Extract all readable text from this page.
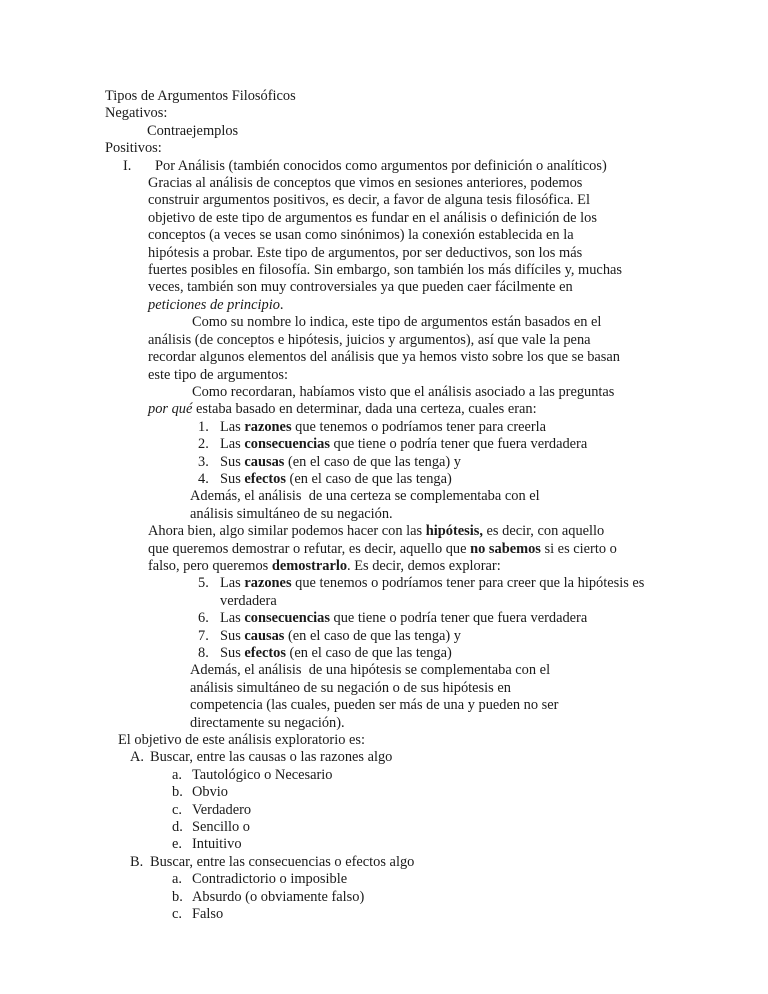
Tipos de Argumentos Filosóficos
Negativos:
Contraejemplos
Positivos:
I.	Por Análisis (también conocidos como argumentos por definición o analíticos)

Gracias al análisis de conceptos que vimos en sesiones anteriores, podemos construir argumentos positivos, es decir, a favor de alguna tesis filosófica. El objetivo de este tipo de argumentos es fundar en el análisis o definición de los conceptos (a veces se usan como sinónimos) la conexión establecida en la hipótesis a probar. Este tipo de argumentos, por ser deductivos, son los más fuertes posibles en filosofía. Sin embargo, son también los más difíciles y, muchas veces, también son muy controversiales ya que pueden caer fácilmente en peticiones de principio.

Como su nombre lo indica, este tipo de argumentos están basados en el análisis (de conceptos e hipótesis, juicios y argumentos), así que vale la pena recordar algunos elementos del análisis que ya hemos visto sobre los que se basan este tipo de argumentos:

Como recordaran, habíamos visto que el análisis asociado a las preguntas por qué estaba basado en determinar, dada una certeza, cuales eran:

1. Las razones que tenemos o podríamos tener para creerla
2. Las consecuencias que tiene o podría tener que fuera verdadera
3. Sus causas (en el caso de que las tenga) y
4. Sus efectos (en el caso de que las tenga)
Además, el análisis  de una certeza se complementaba con el análisis simultáneo de su negación.

Ahora bien, algo similar podemos hacer con las hipótesis, es decir, con aquello que queremos demostrar o refutar, es decir, aquello que no sabemos si es cierto o falso, pero queremos demostrarlo. Es decir, demos explorar:

5. Las razones que tenemos o podríamos tener para creer que la hipótesis es verdadera
6. Las consecuencias que tiene o podría tener que fuera verdadera
7. Sus causas (en el caso de que las tenga) y
8. Sus efectos (en el caso de que las tenga)
Además, el análisis  de una hipótesis se complementaba con el análisis simultáneo de su negación o de sus hipótesis en competencia (las cuales, pueden ser más de una y pueden no ser directamente su negación).
El objetivo de este análisis exploratorio es:
A. Buscar, entre las causas o las razones algo
a. Tautológico o Necesario
b. Obvio
c. Verdadero
d. Sencillo o
e. Intuitivo
B. Buscar, entre las consecuencias o efectos algo
a. Contradictorio o imposible
b. Absurdo (o obviamente falso)
c. Falso
